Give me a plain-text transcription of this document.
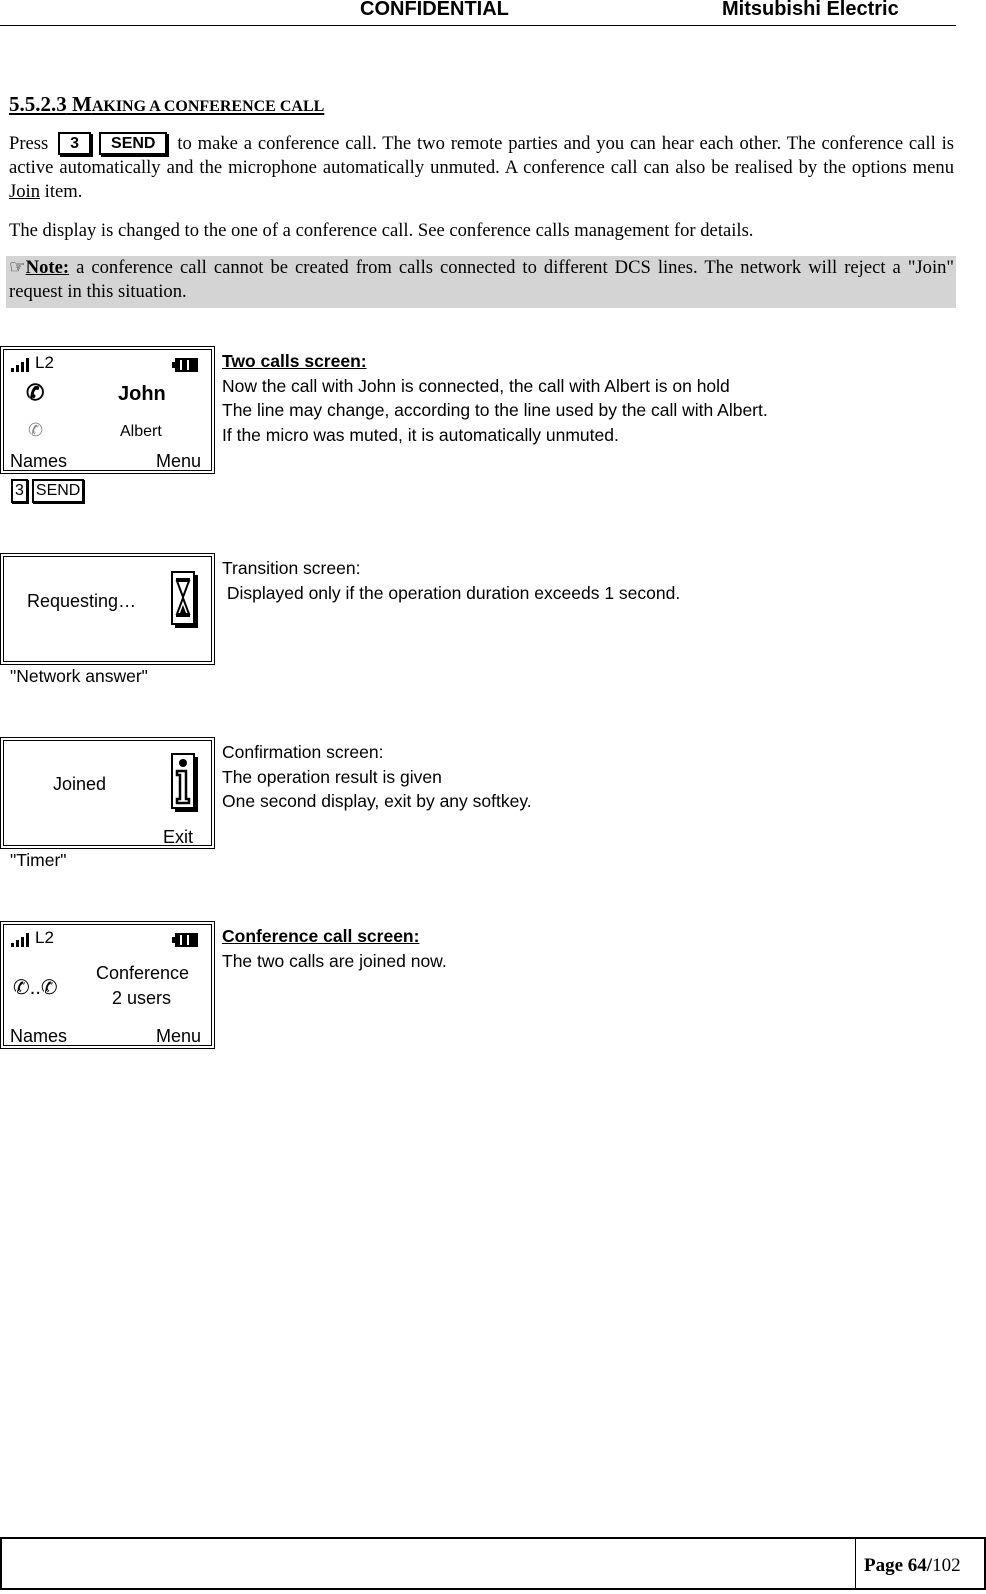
CONFIDENTIAL	Mitsubishi Electric
5.5.2.3 MAKING A CONFERENCE CALL
Press 3 SEND to make a conference call. The two remote parties and you can hear each other. The conference call is active automatically and the microphone automatically unmuted. A conference call can also be realised by the options menu Join item.
The display is changed to the one of a conference call. See conference calls management for details.
☞Note: a conference call cannot be created from calls connected to different DCS lines. The network will reject a "Join" request in this situation.
L2
✆	John
✆	Albert
Names	Menu
3 SEND
Two calls screen:
Now the call with John is connected, the call with Albert is on hold
The line may change, according to the line used by the call with Albert.
If the micro was muted, it is automatically unmuted.
Requesting…
"Network answer"
Transition screen:
Displayed only if the operation duration exceeds 1 second.
Joined
Exit
"Timer"
Confirmation screen:
The operation result is given
One second display, exit by any softkey.
L2
✆..✆
Conference
2 users
Names	Menu
Conference call screen:
The two calls are joined now.
Page 64/102
